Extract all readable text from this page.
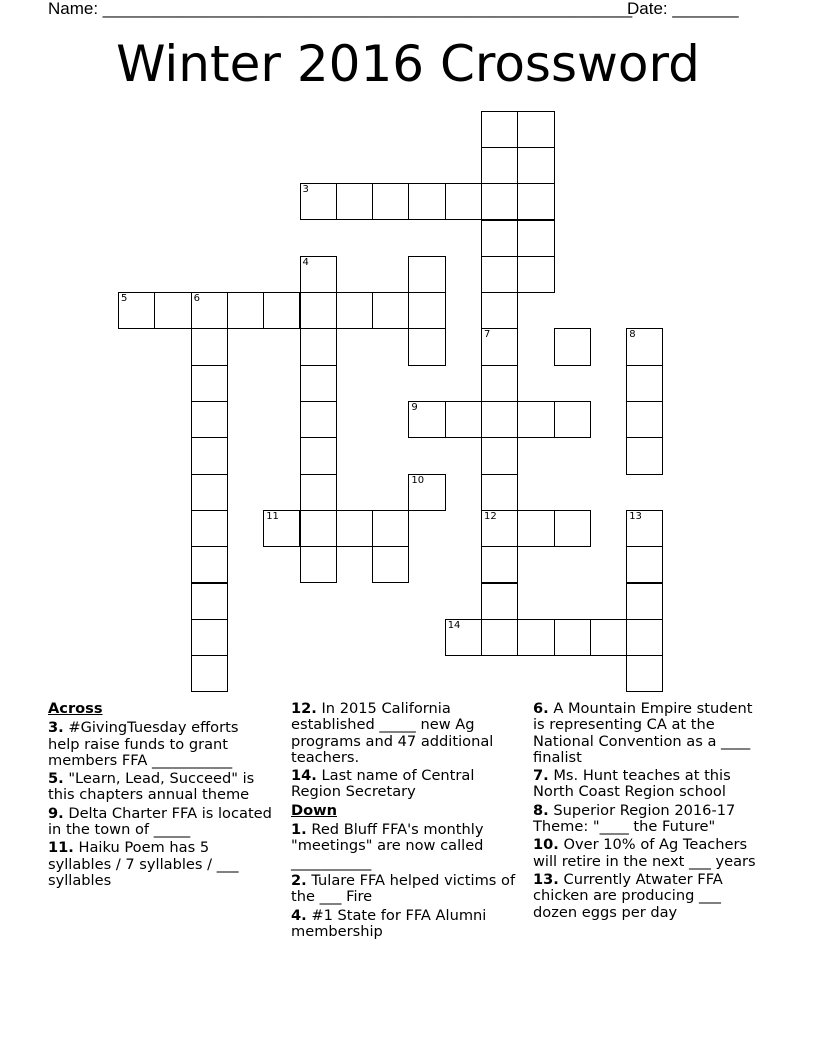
Name: ________________________________________________________
Date: _______
Winter 2016 Crossword
3
4
5	6
7	8
9
10
11	12	13
14
Across
3. #GivingTuesday efforts help raise funds to grant members FFA ___________
5. "Learn, Lead, Succeed" is this chapters annual theme
9. Delta Charter FFA is located in the town of _____
11. Haiku Poem has 5 syllables / 7 syllables / ___ syllables
12. In 2015 California established _____ new Ag programs and 47 additional teachers.
14. Last name of Central Region Secretary
Down
1. Red Bluff FFA's monthly "meetings" are now called ___________
2. Tulare FFA helped victims of the ___ Fire
4. #1 State for FFA Alumni membership
6. A Mountain Empire student is representing CA at the National Convention as a ____ finalist
7. Ms. Hunt teaches at this North Coast Region school
8. Superior Region 2016-17 Theme: "____ the Future"
10. Over 10% of Ag Teachers will retire in the next ___ years
13. Currently Atwater FFA chicken are producing ___ dozen eggs per day
